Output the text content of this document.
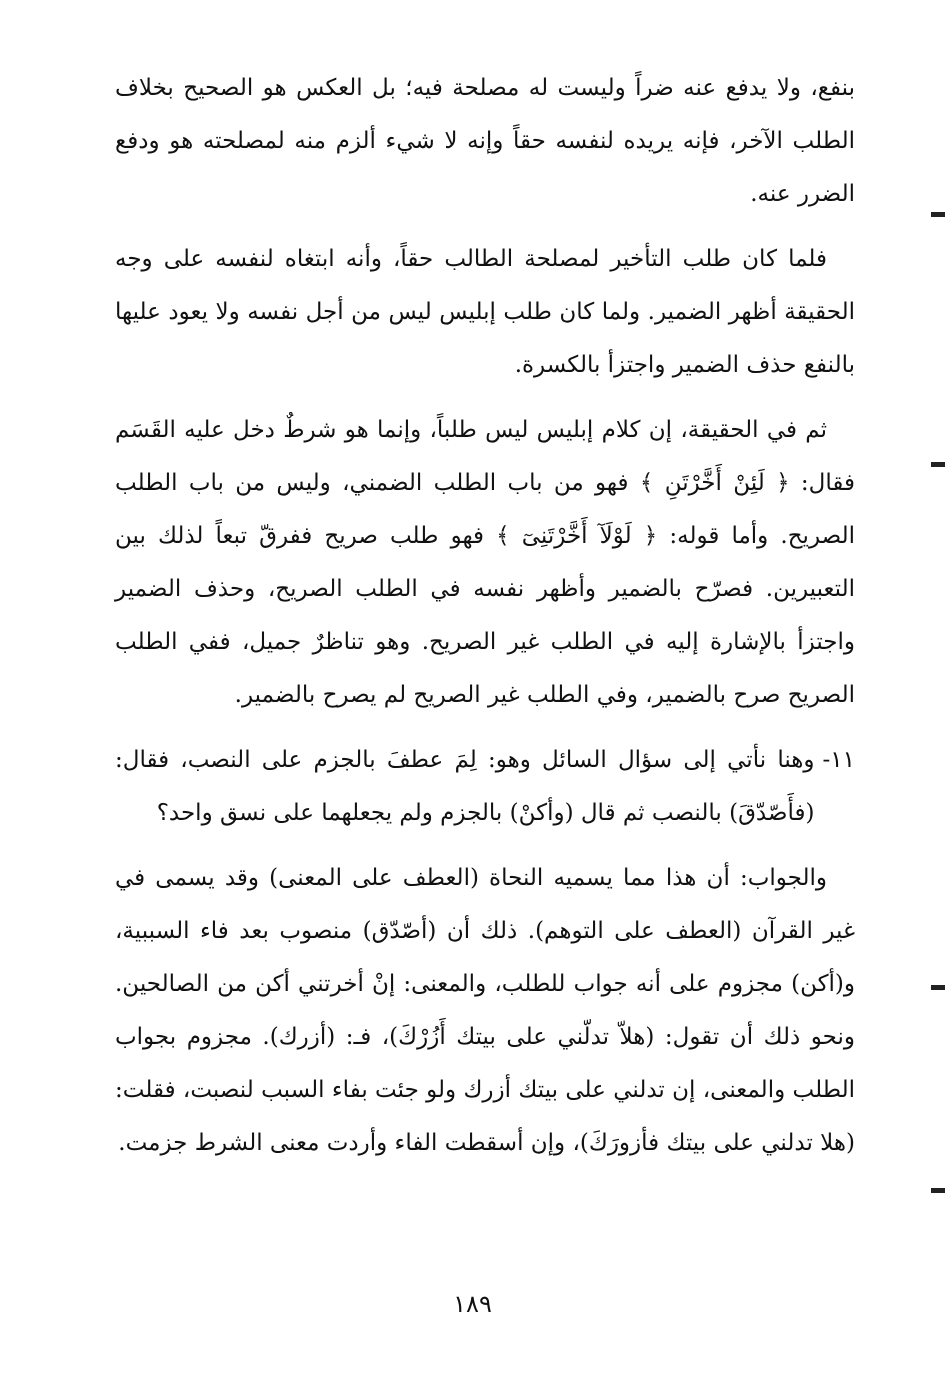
بنفع، ولا يدفع عنه ضراً وليست له مصلحة فيه؛ بل العكس هو الصحيح بخلاف الطلب الآخر، فإنه يريده لنفسه حقاً وإنه لا شيء ألزم منه لمصلحته هو ودفع الضرر عنه.

فلما كان طلب التأخير لمصلحة الطالب حقاً، وأنه ابتغاه لنفسه على وجه الحقيقة أظهر الضمير. ولما كان طلب إبليس ليس من أجل نفسه ولا يعود عليها بالنفع حذف الضمير واجتزأ بالكسرة.

ثم في الحقيقة، إن كلام إبليس ليس طلباً، وإنما هو شرطٌ دخل عليه القَسَم فقال: ﴿ لَئِنْ أَخَّرْتَنِ ﴾ فهو من باب الطلب الضمني، وليس من باب الطلب الصريح. وأما قوله: ﴿ لَوْلَآ أَخَّرْتَنِىٓ ﴾ فهو طلب صريح ففرقّ تبعاً لذلك بين التعبيرين. فصرّح بالضمير وأظهر نفسه في الطلب الصريح، وحذف الضمير واجتزأ بالإشارة إليه في الطلب غير الصريح. وهو تناظرٌ جميل، ففي الطلب الصريح صرح بالضمير، وفي الطلب غير الصريح لم يصرح بالضمير.

١١-

وهنا نأتي إلى سؤال السائل وهو: لِمَ عطفَ بالجزم على النصب، فقال: (فأَصّدّقَ) بالنصب ثم قال (وأكنْ) بالجزم ولم يجعلهما على نسق واحد؟

والجواب: أن هذا مما يسميه النحاة (العطف على المعنى) وقد يسمى في غير القرآن (العطف على التوهم). ذلك أن (أصّدّق) منصوب بعد فاء السببية، و(أكن) مجزوم على أنه جواب للطلب، والمعنى: إنْ أخرتني أكن من الصالحين. ونحو ذلك أن تقول: (هلاّ تدلّني على بيتك أَزُرْكَ)، فـ: (أزرك). مجزوم بجواب الطلب والمعنى، إن تدلني على بيتك أزرك ولو جئت بفاء السبب لنصبت، فقلت: (هلا تدلني على بيتك فأزورَكَ)، وإن أسقطت الفاء وأردت معنى الشرط جزمت.

١٨٩
